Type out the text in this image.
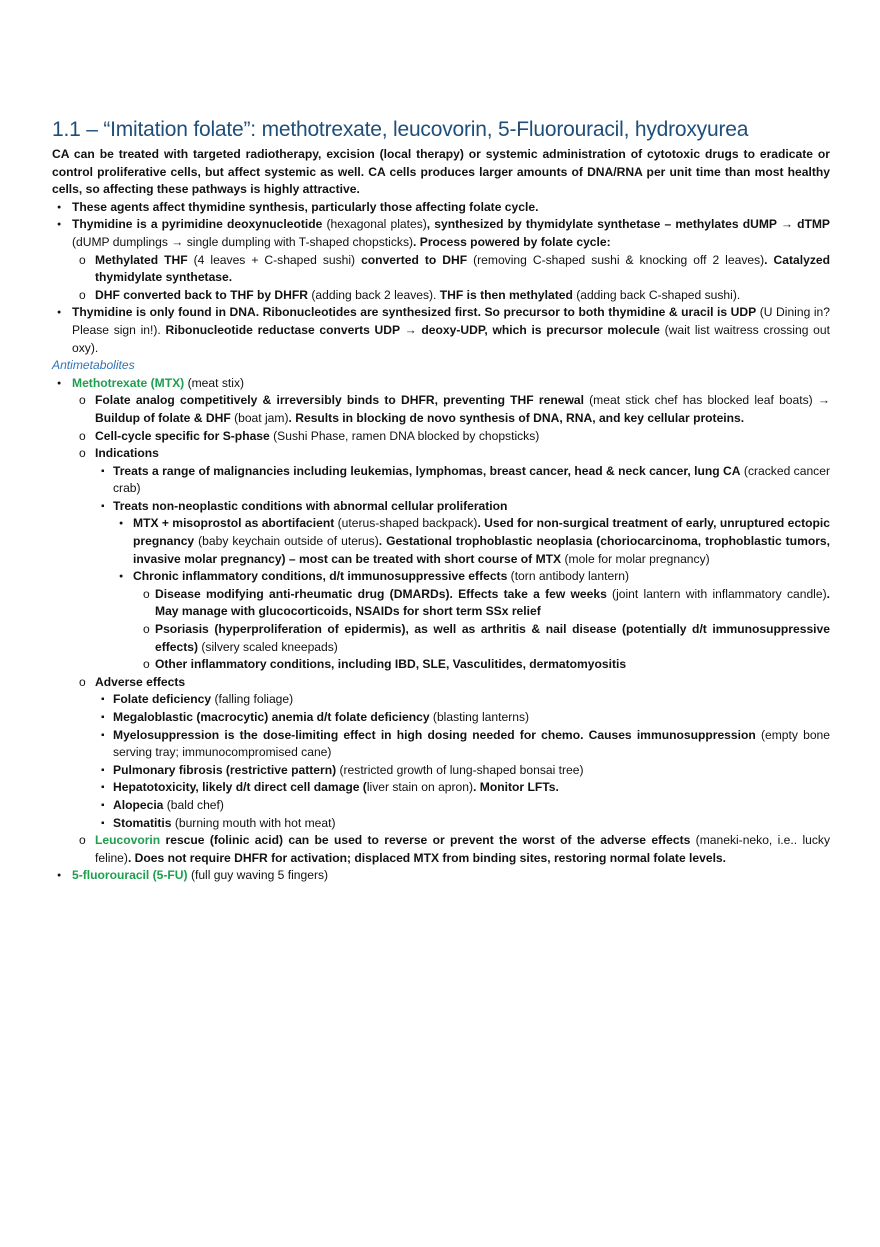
1.1 – “Imitation folate”: methotrexate, leucovorin, 5-Fluorouracil, hydroxyurea

CA can be treated with targeted radiotherapy, excision (local therapy) or systemic administration of cytotoxic drugs to eradicate or control proliferative cells, but affect systemic as well. CA cells produces larger amounts of DNA/RNA per unit time than most healthy cells, so affecting these pathways is highly attractive.

● These agents affect thymidine synthesis, particularly those affecting folate cycle.
● Thymidine is a pyrimidine deoxynucleotide (hexagonal plates), synthesized by thymidylate synthetase – methylates dUMP → dTMP (dUMP dumplings → single dumpling with T-shaped chopsticks). Process powered by folate cycle:
o Methylated THF (4 leaves + C-shaped sushi) converted to DHF (removing C-shaped sushi & knocking off 2 leaves). Catalyzed thymidylate synthetase.
o DHF converted back to THF by DHFR (adding back 2 leaves). THF is then methylated (adding back C-shaped sushi).
● Thymidine is only found in DNA. Ribonucleotides are synthesized first. So precursor to both thymidine & uracil is UDP (U Dining in? Please sign in!). Ribonucleotide reductase converts UDP → deoxy-UDP, which is precursor molecule (wait list waitress crossing out oxy).

Antimetabolites

● Methotrexate (MTX) (meat stix)
o Folate analog competitively & irreversibly binds to DHFR, preventing THF renewal (meat stick chef has blocked leaf boats) → Buildup of folate & DHF (boat jam). Results in blocking de novo synthesis of DNA, RNA, and key cellular proteins.
o Cell-cycle specific for S-phase (Sushi Phase, ramen DNA blocked by chopsticks)
o Indications
▪ Treats a range of malignancies including leukemias, lymphomas, breast cancer, head & neck cancer, lung CA (cracked cancer crab)
▪ Treats non-neoplastic conditions with abnormal cellular proliferation
● MTX + misoprostol as abortifacient (uterus-shaped backpack). Used for non-surgical treatment of early, unruptured ectopic pregnancy (baby keychain outside of uterus). Gestational trophoblastic neoplasia (choriocarcinoma, trophoblastic tumors, invasive molar pregnancy) – most can be treated with short course of MTX (mole for molar pregnancy)
● Chronic inflammatory conditions, d/t immunosuppressive effects (torn antibody lantern)
o Disease modifying anti-rheumatic drug (DMARDs). Effects take a few weeks (joint lantern with inflammatory candle). May manage with glucocorticoids, NSAIDs for short term SSx relief
o Psoriasis (hyperproliferation of epidermis), as well as arthritis & nail disease (potentially d/t immunosuppressive effects) (silvery scaled kneepads)
o Other inflammatory conditions, including IBD, SLE, Vasculitides, dermatomyositis
o Adverse effects
▪ Folate deficiency (falling foliage)
▪ Megaloblastic (macrocytic) anemia d/t folate deficiency (blasting lanterns)
▪ Myelosuppression is the dose-limiting effect in high dosing needed for chemo. Causes immunosuppression (empty bone serving tray; immunocompromised cane)
▪ Pulmonary fibrosis (restrictive pattern) (restricted growth of lung-shaped bonsai tree)
▪ Hepatotoxicity, likely d/t direct cell damage (liver stain on apron). Monitor LFTs.
▪ Alopecia (bald chef)
▪ Stomatitis (burning mouth with hot meat)
o Leucovorin rescue (folinic acid) can be used to reverse or prevent the worst of the adverse effects (maneki-neko, i.e.. lucky feline). Does not require DHFR for activation; displaced MTX from binding sites, restoring normal folate levels.
● 5-fluorouracil (5-FU) (full guy waving 5 fingers)
